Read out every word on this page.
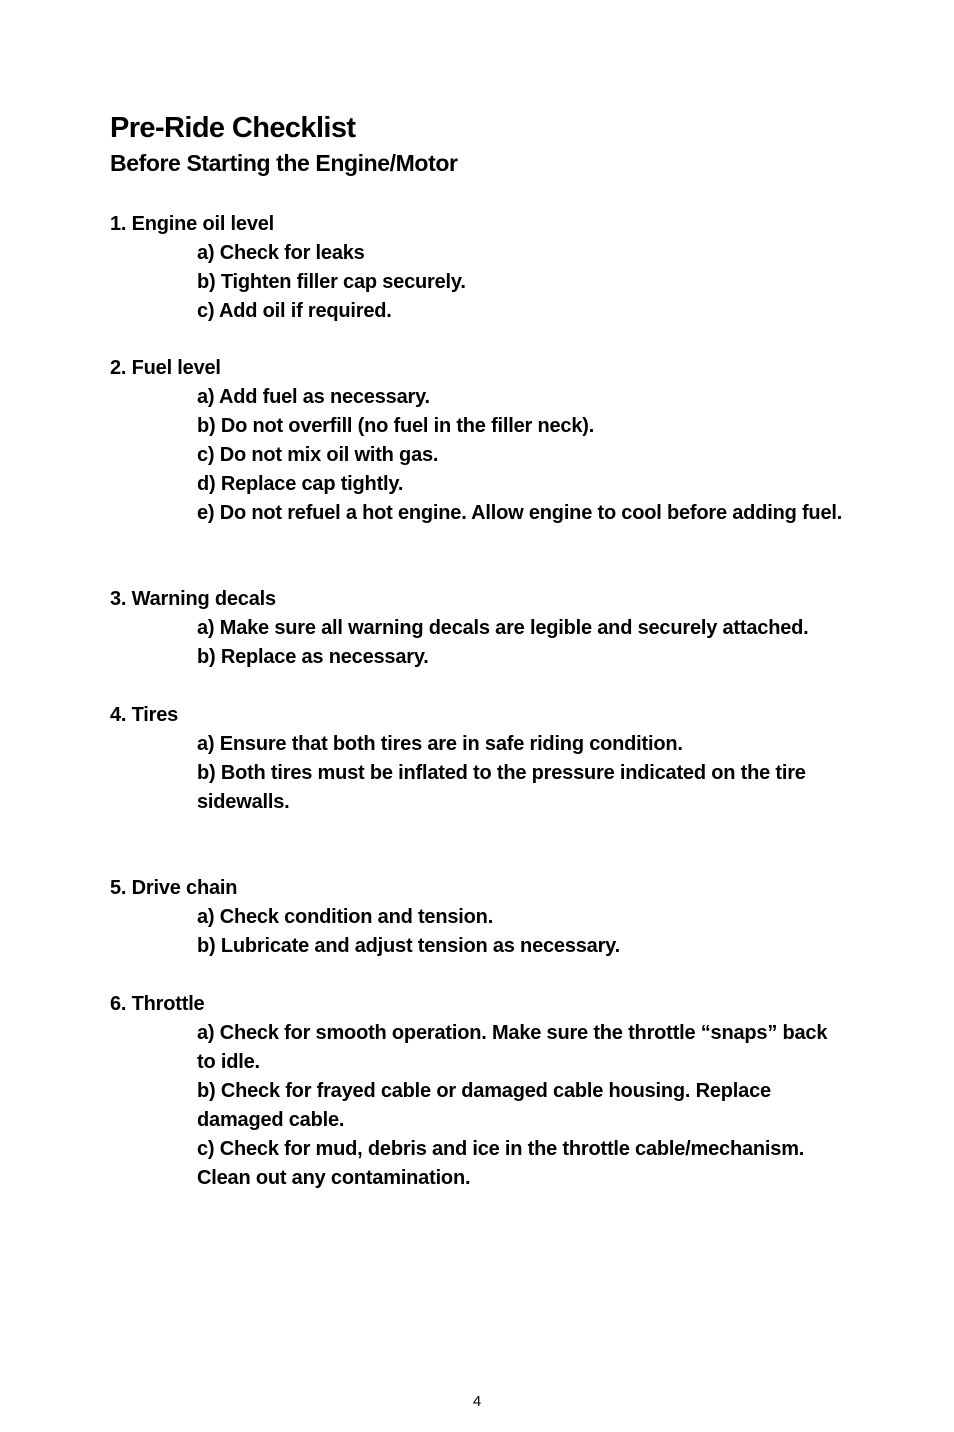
Pre-Ride Checklist
Before Starting the Engine/Motor

1. Engine oil level

a) Check for leaks

b) Tighten filler cap securely.

c) Add oil if required.

2. Fuel level

a) Add fuel as necessary.

b) Do not overfill (no fuel in the filler neck).

c) Do not mix oil with gas.

d) Replace cap tightly.

e) Do not refuel a hot engine. Allow engine to cool before adding fuel.

3. Warning decals

a) Make sure all warning decals are legible and securely attached.

b) Replace as necessary.

4. Tires

a) Ensure that both tires are in safe riding condition.

b) Both tires must be inflated to the pressure indicated on the tire sidewalls.

5. Drive chain

a) Check condition and tension.

b) Lubricate and adjust tension as necessary.

6. Throttle

a) Check for smooth operation. Make sure the throttle “snaps” back to idle.

b) Check for frayed cable or damaged cable housing. Replace damaged cable.

c) Check for mud, debris and ice in the throttle cable/mechanism. Clean out any contamination.

4
